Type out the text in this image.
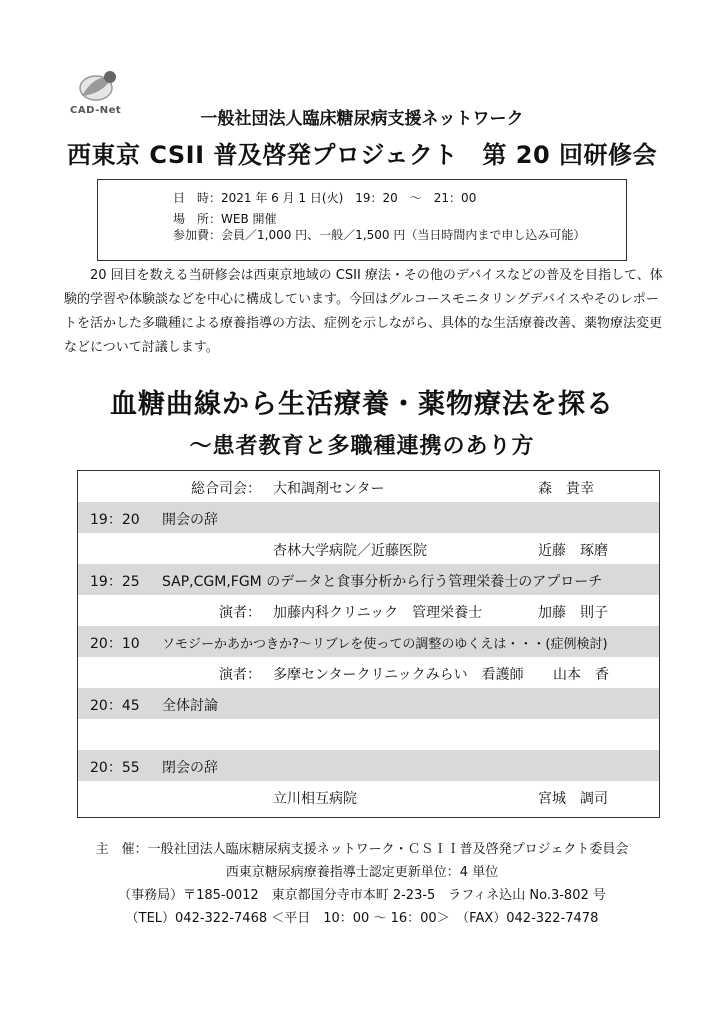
CAD-Net	一般社団法人臨床糖尿病支援ネットワーク
西東京 CSII 普及啓発プロジェクト　第 20 回研修会
日　時：2021 年 6 月 1 日(火)　19：20　～　21：00
場　所：WEB 開催
参加費：会員／1,000 円、一般／1,500 円（当日時間内まで申し込み可能）
20 回目を数える当研修会は西東京地域の CSII 療法・その他のデバイスなどの普及を目指して、体験的学習や体験談などを中心に構成しています。今回はグルコースモニタリングデバイスやそのレポートを活かした多職種による療養指導の方法、症例を示しながら、具体的な生活療養改善、薬物療法変更などについて討議します。
血糖曲線から生活療養・薬物療法を探る
～患者教育と多職種連携のあり方
総合司会： 大和調剤センター	森　貴幸
19：20 開会の辞
杏林大学病院／近藤医院	近藤　琢磨
19：25 SAP,CGM,FGM のデータと食事分析から行う管理栄養士のアプローチ
演者： 加藤内科クリニック　管理栄養士	加藤　則子
20：10 ソモジーかあかつきか?～リブレを使っての調整のゆくえは・・・(症例検討)
演者： 多摩センタークリニックみらい　看護師 山本　香
20：45 全体討論
20：55 閉会の辞
立川相互病院	宮城　調司
主　催：一般社団法人臨床糖尿病支援ネットワーク・ＣＳＩＩ普及啓発プロジェクト委員会
西東京糖尿病療養指導士認定更新単位：4 単位
（事務局）〒185-0012　東京都国分寺市本町 2-23-5　ラフィネ込山 No.3-802 号
（TEL）042-322-7468 ＜平日　10：00 ～ 16：00＞　（FAX）042-322-7478
